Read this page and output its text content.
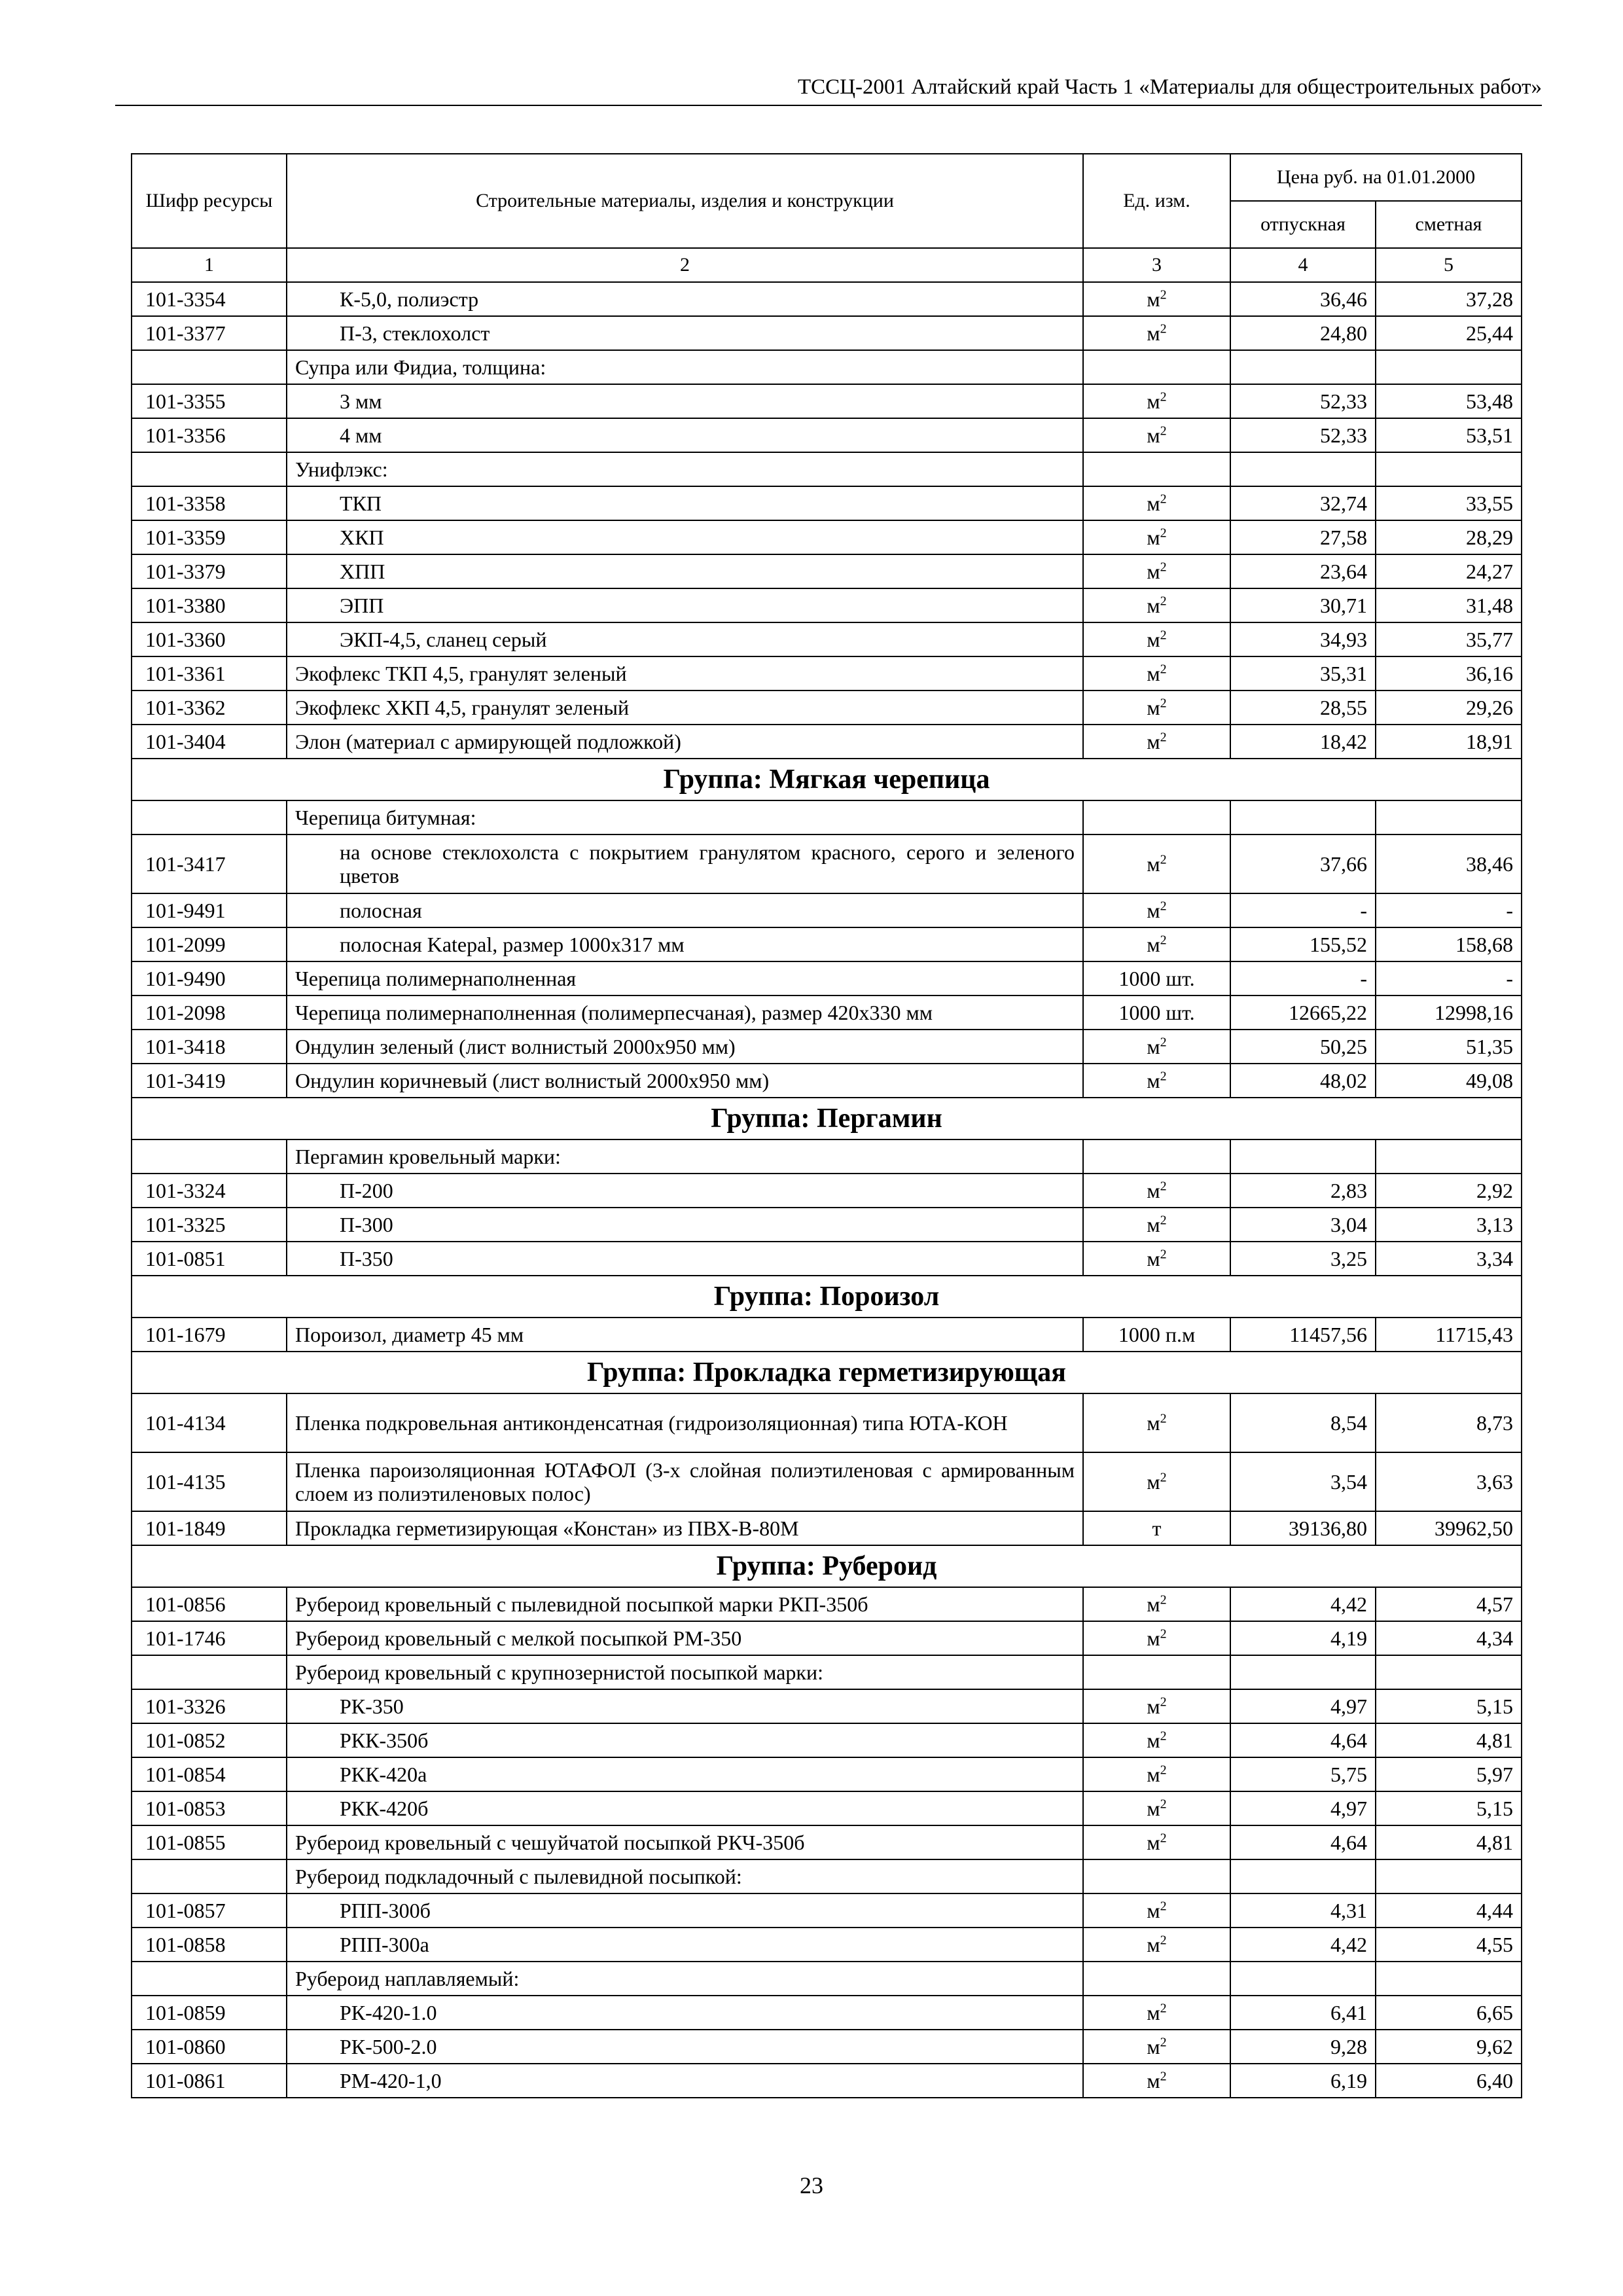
ТССЦ-2001 Алтайский край Часть 1 «Материалы для общестроительных работ»
Шифр ресурсы	Строительные материалы, изделия и конструкции	Ед. изм.	Цена руб. на 01.01.2000	
			отпускная	сметная
1	2	3	4	5
101-3354	К-5,0, полиэстр	$м^2$	36,46	37,28
101-3377	П-3, стеклохолст	$м^2$	24,80	25,44
	Супра или Фидиа, толщина:			
101-3355	3 мм	$м^2$	52,33	53,48
101-3356	4 мм	$м^2$	52,33	53,51
	Унифлэкс:			
101-3358	ТКП	$м^2$	32,74	33,55
101-3359	ХКП	$м^2$	27,58	28,29
101-3379	ХПП	$м^2$	23,64	24,27
101-3380	ЭПП	$м^2$	30,71	31,48
101-3360	ЭКП-4,5, сланец серый	$м^2$	34,93	35,77
101-3361	Экофлекс ТКП 4,5, гранулят зеленый	$м^2$	35,31	36,16
101-3362	Экофлекс ХКП 4,5, гранулят зеленый	$м^2$	28,55	29,26
101-3404	Элон (материал с армирующей подложкой)	$м^2$	18,42	18,91
Группа: Мягкая черепица				
	Черепица битумная:			
101-3417	на основе стеклохолста с покрытием гранулятом красного, серого и зеленого цветов	$м^2$	37,66	38,46
101-9491	полосная	$м^2$	-	-
101-2099	полосная Katepal, размер 1000х317 мм	$м^2$	155,52	158,68
101-9490	Черепица полимернаполненная	1000 шт.	-	-
101-2098	Черепица полимернаполненная (полимерпесчаная), размер 420х330 мм	1000 шт.	12665,22	12998,16
101-3418	Ондулин зеленый (лист волнистый 2000х950 мм)	$м^2$	50,25	51,35
101-3419	Ондулин коричневый (лист волнистый 2000х950 мм)	$м^2$	48,02	49,08
Группа: Пергамин				
	Пергамин кровельный марки:			
101-3324	П-200	$м^2$	2,83	2,92
101-3325	П-300	$м^2$	3,04	3,13
101-0851	П-350	$м^2$	3,25	3,34
Группа: Пороизол				
101-1679	Пороизол, диаметр 45 мм	1000 п.м	11457,56	11715,43
Группа: Прокладка герметизирующая				
101-4134	Пленка подкровельная антиконденсатная (гидроизоляционная) типа ЮТА-КОН	$м^2$	8,54	8,73
101-4135	Пленка пароизоляционная ЮТАФОЛ (3-х слойная полиэтиленовая с армированным слоем из полиэтиленовых полос)	$м^2$	3,54	3,63
101-1849	Прокладка герметизирующая «Констан» из ПВХ-В-80М	т	39136,80	39962,50
Группа: Рубероид				
101-0856	Рубероид кровельный с пылевидной посыпкой марки РКП-350б	$м^2$	4,42	4,57
101-1746	Рубероид кровельный с мелкой посыпкой РМ-350	$м^2$	4,19	4,34
	Рубероид кровельный с крупнозернистой посыпкой марки:			
101-3326	РК-350	$м^2$	4,97	5,15
101-0852	РКК-350б	$м^2$	4,64	4,81
101-0854	РКК-420а	$м^2$	5,75	5,97
101-0853	РКК-420б	$м^2$	4,97	5,15
101-0855	Рубероид кровельный с чешуйчатой посыпкой РКЧ-350б	$м^2$	4,64	4,81
	Рубероид подкладочный с пылевидной посыпкой:			
101-0857	РПП-300б	$м^2$	4,31	4,44
101-0858	РПП-300а	$м^2$	4,42	4,55
	Рубероид наплавляемый:			
101-0859	РК-420-1.0	$м^2$	6,41	6,65
101-0860	РК-500-2.0	$м^2$	9,28	9,62
101-0861	РМ-420-1,0	$м^2$	6,19	6,40
23
